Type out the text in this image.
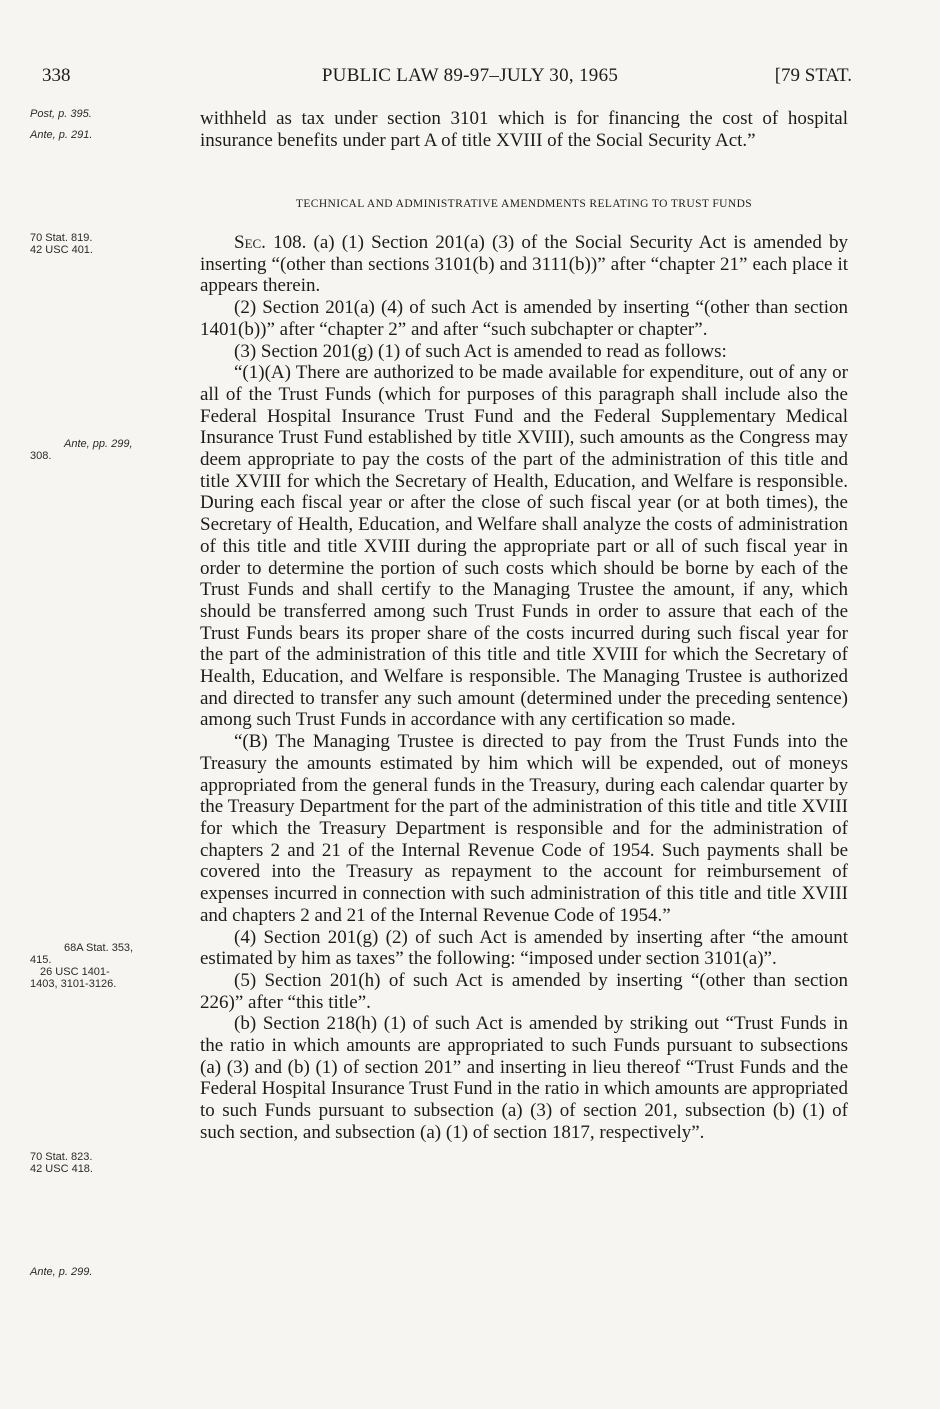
338	PUBLIC LAW 89-97–JULY 30, 1965	[79 STAT.
Post, p. 395.
Ante, p. 291.
70 Stat. 819.
42 USC 401.
Ante, pp. 299,
308.
68A Stat. 353,
415.
26 USC 1401-
1403, 3101-3126.
70 Stat. 823.
42 USC 418.
Ante, p. 299.

withheld as tax under section 3101 which is for financing the cost of hospital insurance benefits under part A of title XVIII of the Social Security Act.”

TECHNICAL AND ADMINISTRATIVE AMENDMENTS RELATING TO TRUST FUNDS

Sec. 108. (a) (1) Section 201(a) (3) of the Social Security Act is amended by inserting “(other than sections 3101(b) and 3111(b))” after “chapter 21” each place it appears therein.

(2) Section 201(a) (4) of such Act is amended by inserting “(other than section 1401(b))” after “chapter 2” and after “such subchapter or chapter”.

(3) Section 201(g) (1) of such Act is amended to read as follows:

“(1)(A) There are authorized to be made available for expenditure, out of any or all of the Trust Funds (which for purposes of this paragraph shall include also the Federal Hospital Insurance Trust Fund and the Federal Supplementary Medical Insurance Trust Fund established by title XVIII), such amounts as the Congress may deem appropriate to pay the costs of the part of the administration of this title and title XVIII for which the Secretary of Health, Education, and Welfare is responsible. During each fiscal year or after the close of such fiscal year (or at both times), the Secretary of Health, Education, and Welfare shall analyze the costs of administration of this title and title XVIII during the appropriate part or all of such fiscal year in order to determine the portion of such costs which should be borne by each of the Trust Funds and shall certify to the Managing Trustee the amount, if any, which should be transferred among such Trust Funds in order to assure that each of the Trust Funds bears its proper share of the costs incurred during such fiscal year for the part of the administration of this title and title XVIII for which the Secretary of Health, Education, and Welfare is responsible. The Managing Trustee is authorized and directed to transfer any such amount (determined under the preceding sentence) among such Trust Funds in accordance with any certification so made.

“(B) The Managing Trustee is directed to pay from the Trust Funds into the Treasury the amounts estimated by him which will be expended, out of moneys appropriated from the general funds in the Treasury, during each calendar quarter by the Treasury Department for the part of the administration of this title and title XVIII for which the Treasury Department is responsible and for the administration of chapters 2 and 21 of the Internal Revenue Code of 1954. Such payments shall be covered into the Treasury as repayment to the account for reimbursement of expenses incurred in connection with such administration of this title and title XVIII and chapters 2 and 21 of the Internal Revenue Code of 1954.”

(4) Section 201(g) (2) of such Act is amended by inserting after “the amount estimated by him as taxes” the following: “imposed under section 3101(a)”.

(5) Section 201(h) of such Act is amended by inserting “(other than section 226)” after “this title”.

(b) Section 218(h) (1) of such Act is amended by striking out “Trust Funds in the ratio in which amounts are appropriated to such Funds pursuant to subsections (a) (3) and (b) (1) of section 201” and inserting in lieu thereof “Trust Funds and the Federal Hospital Insurance Trust Fund in the ratio in which amounts are appropriated to such Funds pursuant to subsection (a) (3) of section 201, subsection (b) (1) of such section, and subsection (a) (1) of section 1817, respectively”.
